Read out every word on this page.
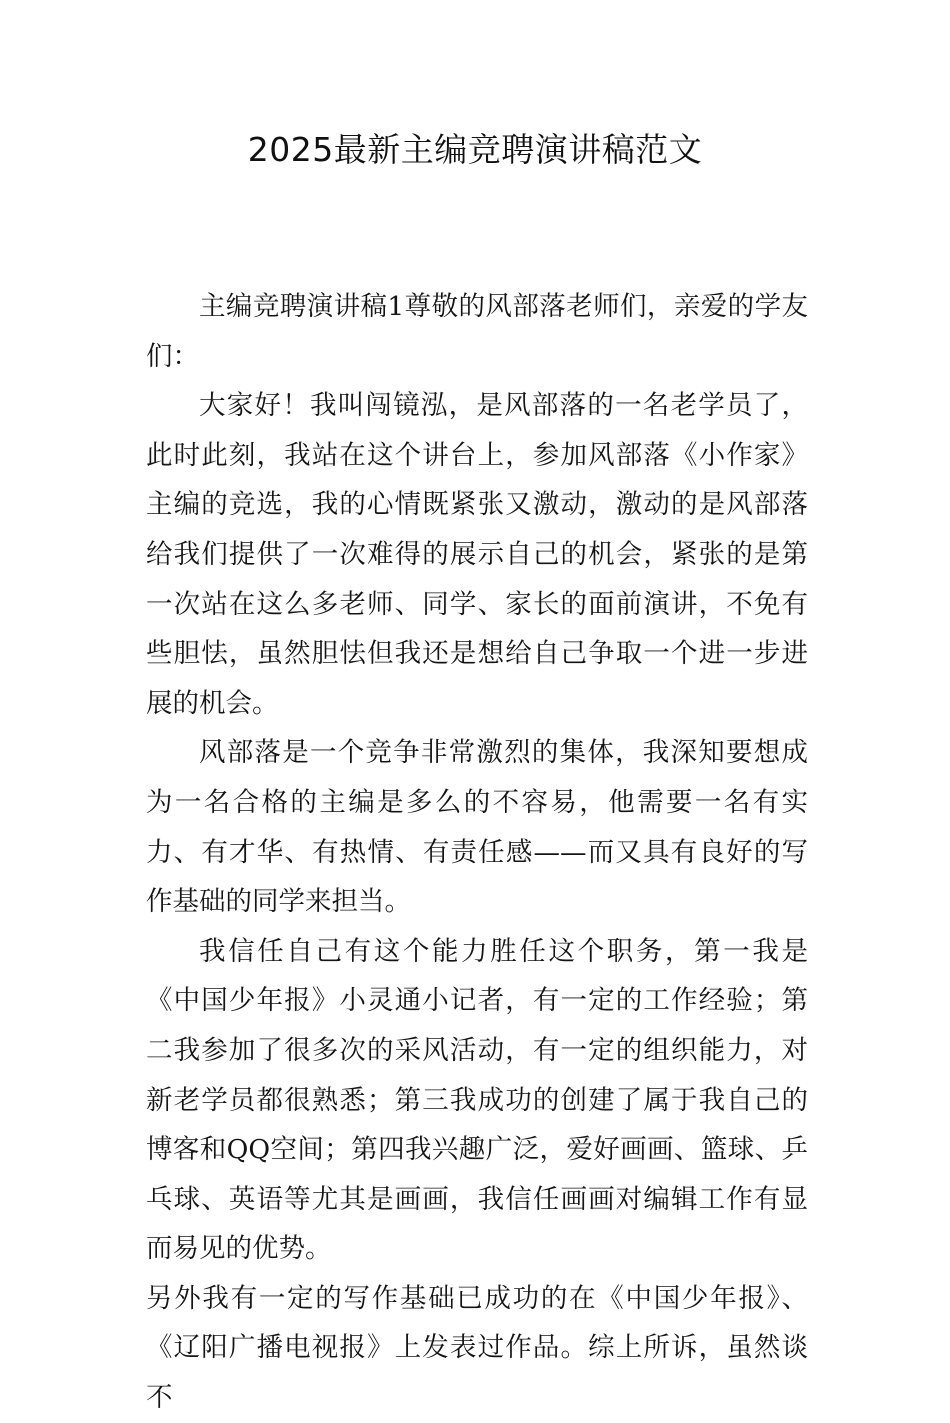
2025最新主编竞聘演讲稿范文

主编竞聘演讲稿1尊敬的风部落老师们，亲爱的学友们：

大家好！我叫闯镜泓，是风部落的一名老学员了，此时此刻，我站在这个讲台上，参加风部落《小作家》主编的竞选，我的心情既紧张又激动，激动的是风部落给我们提供了一次难得的展示自己的机会，紧张的是第一次站在这么多老师、同学、家长的面前演讲，不免有些胆怯，虽然胆怯但我还是想给自己争取一个进一步进展的机会。

风部落是一个竞争非常激烈的集体，我深知要想成为一名合格的主编是多么的不容易，他需要一名有实力、有才华、有热情、有责任感——而又具有良好的写作基础的同学来担当。

我信任自己有这个能力胜任这个职务，第一我是《中国少年报》小灵通小记者，有一定的工作经验；第二我参加了很多次的采风活动，有一定的组织能力，对新老学员都很熟悉；第三我成功的创建了属于我自己的博客和QQ空间；第四我兴趣广泛，爱好画画、篮球、乒乓球、英语等尤其是画画，我信任画画对编辑工作有显而易见的优势。

另外我有一定的写作基础已成功的在《中国少年报》、《辽阳广播电视报》上发表过作品。综上所诉，虽然谈不
